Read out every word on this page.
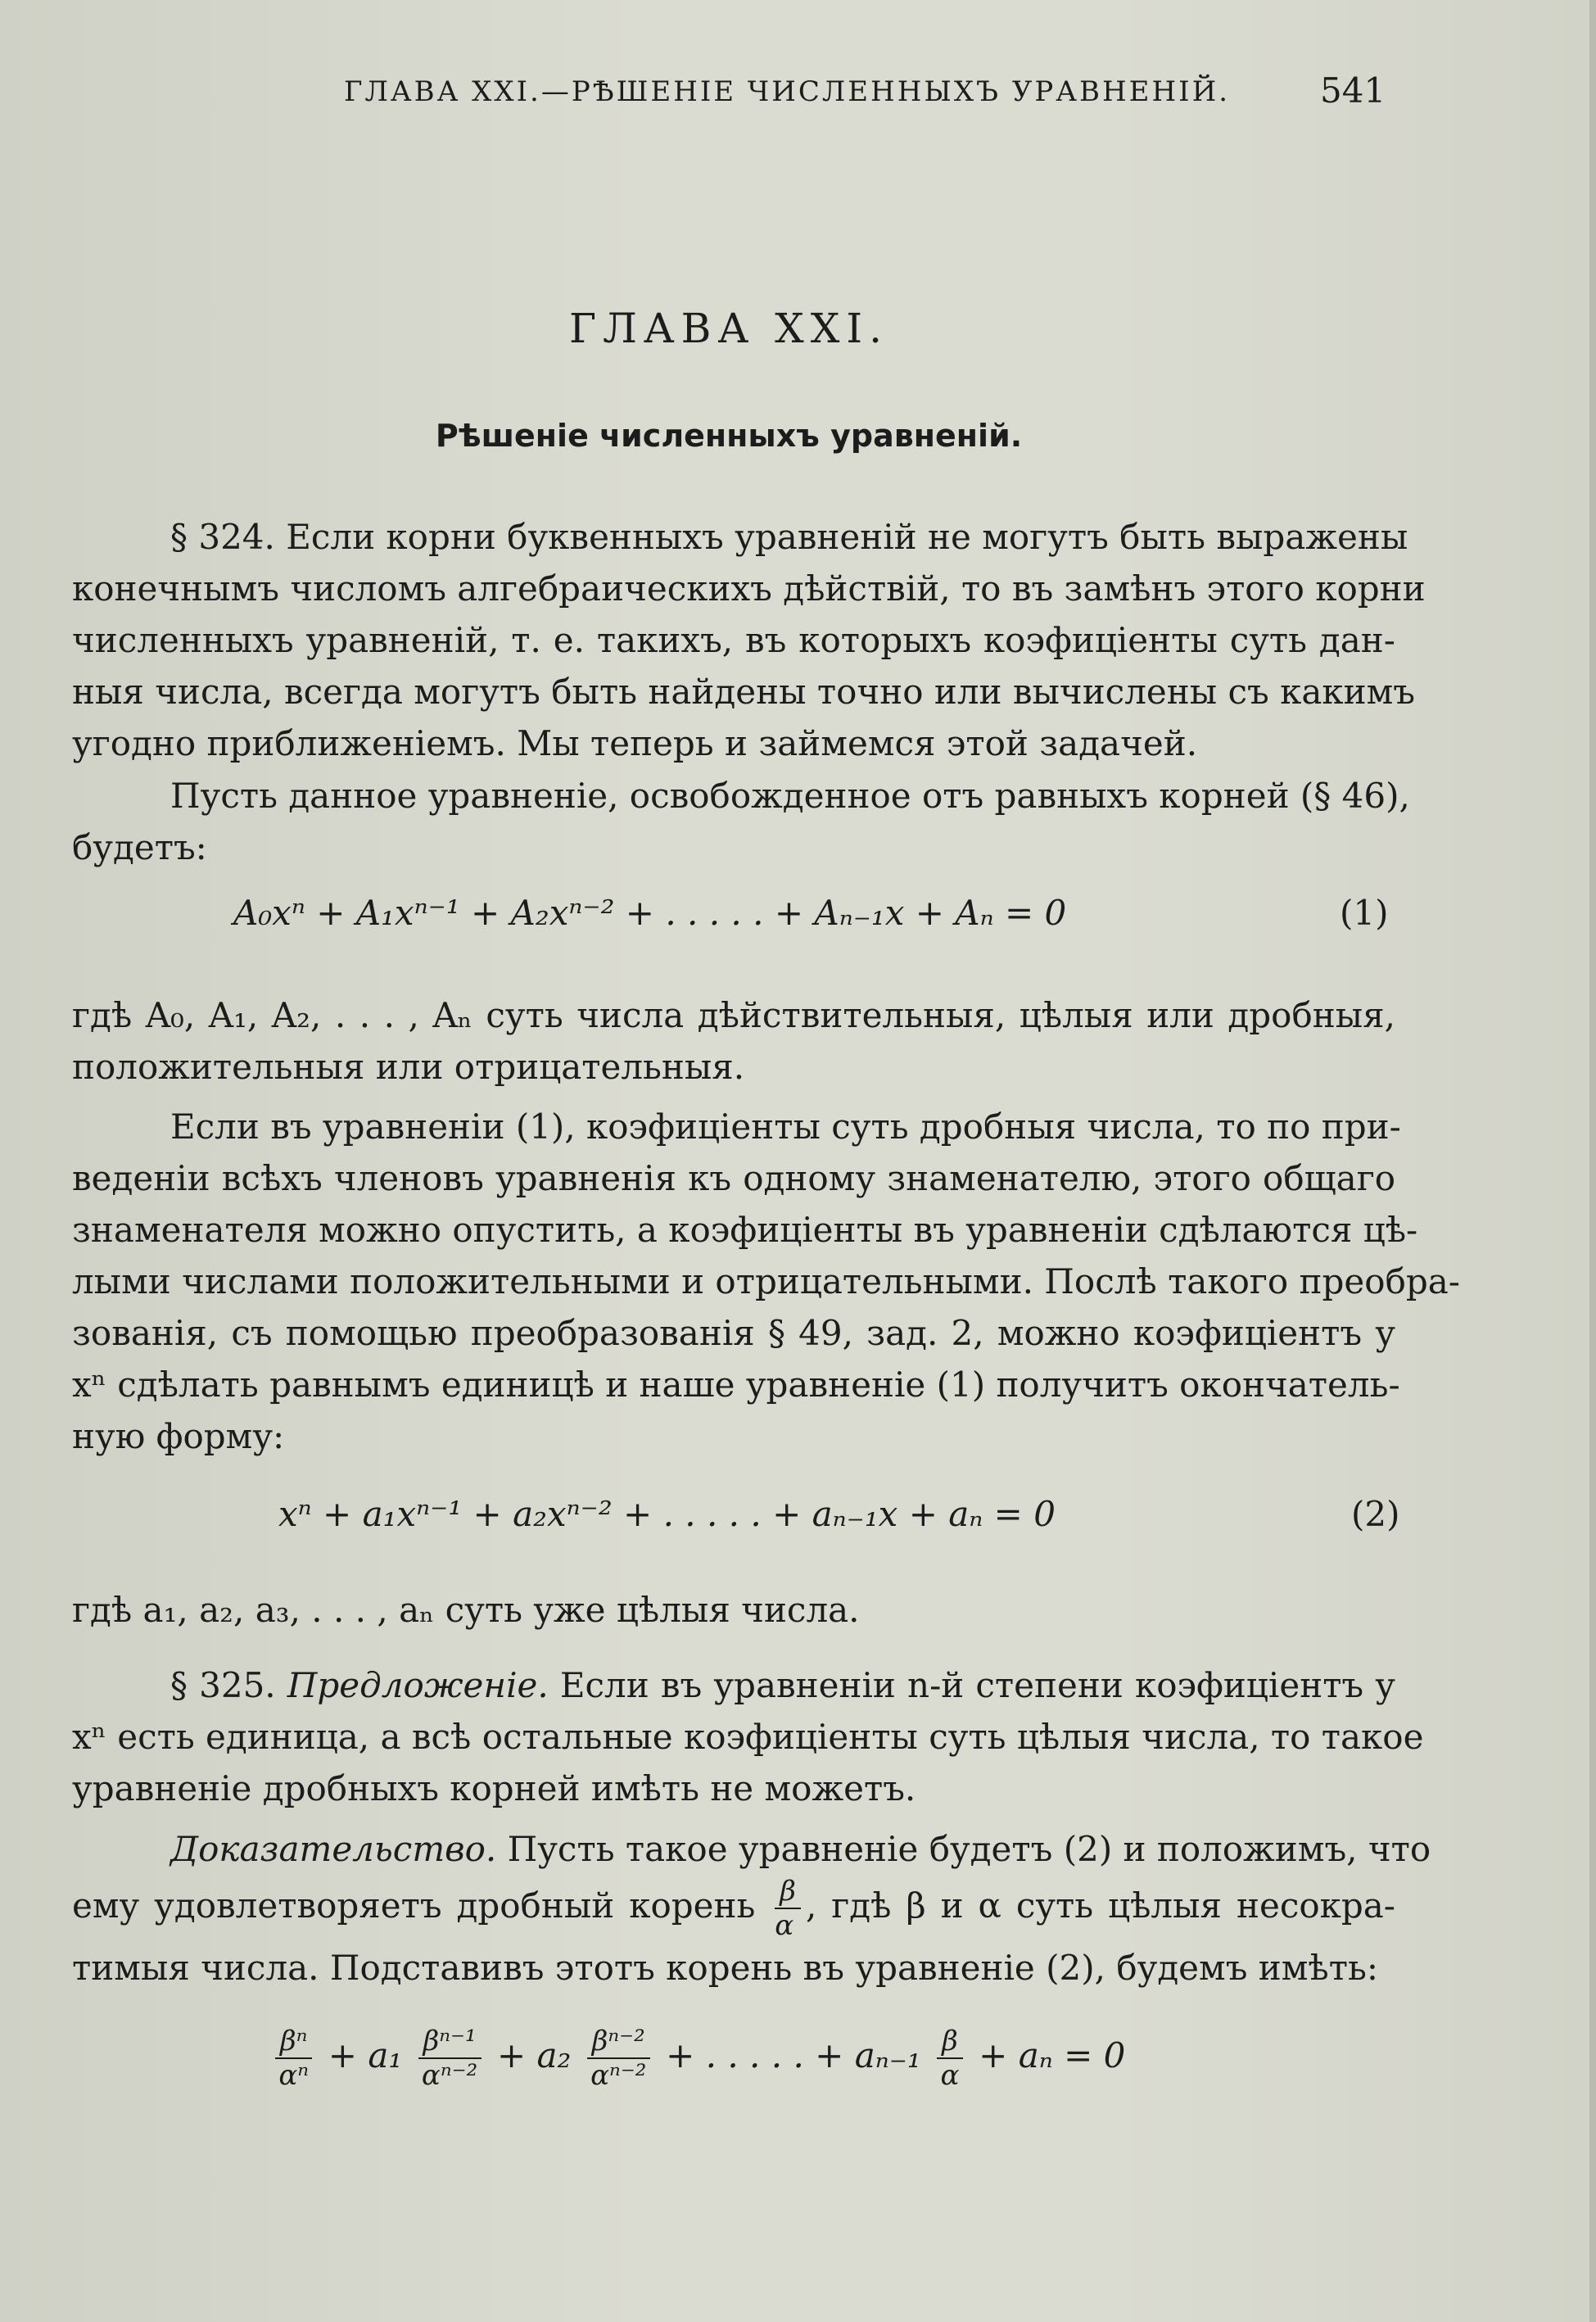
ГЛАВА XXI.—РѢШЕНІЕ ЧИСЛЕННЫХЪ УРАВНЕНІЙ.	541
ГЛАВА XXI.
Рѣшеніе численныхъ уравненій.
§ 324. Если корни буквенныхъ уравненій не могутъ быть выражены
конечнымъ числомъ алгебраическихъ дѣйствій, то въ замѣнъ этого корни
численныхъ уравненій, т. е. такихъ, въ которыхъ коэфиціенты суть дан-
ныя числа, всегда могутъ быть найдены точно или вычислены съ какимъ
угодно приближеніемъ. Мы теперь и займемся этой задачей.
Пусть данное уравненіе, освобожденное отъ равныхъ корней (§ 46),
будетъ:
A₀xⁿ + A₁xⁿ⁻¹ + A₂xⁿ⁻² + . . . . . + Aₙ₋₁x + Aₙ = 0	(1)
гдѣ A₀, A₁, A₂, . . . , Aₙ суть числа дѣйствительныя, цѣлыя или дробныя,
положительныя или отрицательныя.
Если въ уравненіи (1), коэфиціенты суть дробныя числа, то по при-
веденіи всѣхъ членовъ уравненія къ одному знаменателю, этого общаго
знаменателя можно опустить, а коэфиціенты въ уравненіи сдѣлаются цѣ-
лыми числами положительными и отрицательными. Послѣ такого преобра-
зованія, съ помощью преобразованія § 49, зад. 2, можно коэфиціентъ у
xⁿ сдѣлать равнымъ единицѣ и наше уравненіе (1) получитъ окончатель-
ную форму:
xⁿ + a₁xⁿ⁻¹ + a₂xⁿ⁻² + . . . . . + aₙ₋₁x + aₙ = 0	(2)
гдѣ a₁, a₂, a₃, . . . , aₙ суть уже цѣлыя числа.
§ 325. Предложеніе. Если въ уравненіи n-й степени коэфиціентъ у
xⁿ есть единица, а всѣ остальные коэфиціенты суть цѣлыя числа, то такое
уравненіе дробныхъ корней имѣть не можетъ.
Доказательство. Пусть такое уравненіе будетъ (2) и положимъ, что
ему удовлетворяетъ дробный корень $\frac{\beta}{\alpha}$ , гдѣ β и α суть цѣлыя несокра-
тимыя числа. Подставивъ этотъ корень въ уравненіе (2), будемъ имѣть:
$\frac{\text{βⁿ}}{\text{αⁿ}} + a_1 \frac{\text{βⁿ⁻¹}}{\text{αⁿ⁻²}} + a_2 \frac{\text{βⁿ⁻²}}{\text{αⁿ⁻²}}$ + . . . . . + $a_{n-1} \frac{\beta}{\alpha} + a_n = 0$
